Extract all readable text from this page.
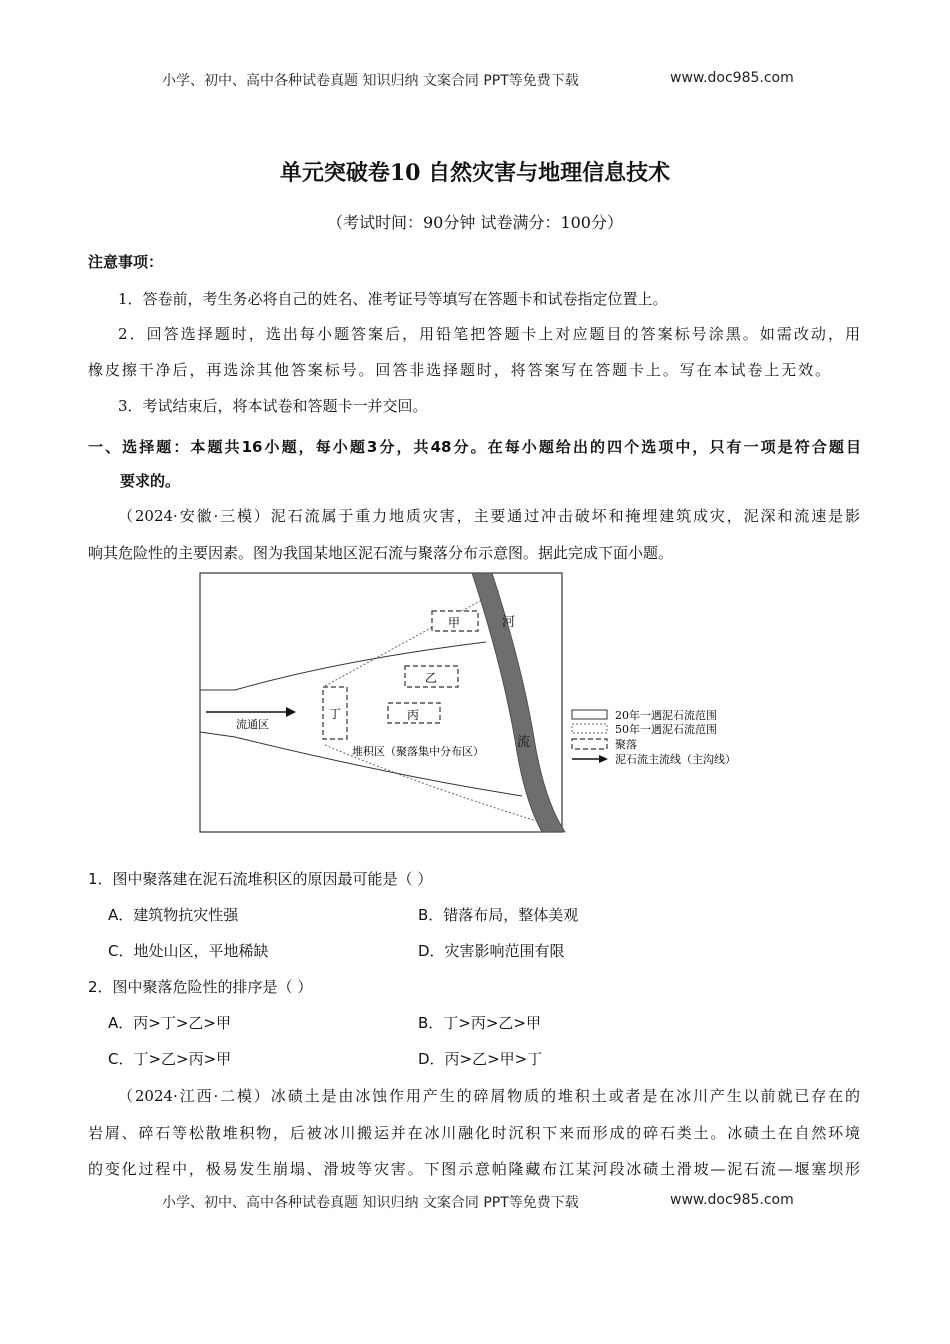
小学、初中、高中各种试卷真题 知识归纳 文案合同 PPT等免费下载	www.doc985.com
单元突破卷10 自然灾害与地理信息技术
（考试时间：90分钟 试卷满分：100分）
注意事项：
1．答卷前，考生务必将自己的姓名、准考证号等填写在答题卡和试卷指定位置上。
2．回答选择题时，选出每小题答案后，用铅笔把答题卡上对应题目的答案标号涂黑。如需改动，用
橡皮擦干净后，再选涂其他答案标号。回答非选择题时，将答案写在答题卡上。写在本试卷上无效。
3．考试结束后，将本试卷和答题卡一并交回。
一、选择题：本题共16小题，每小题3分，共48分。在每小题给出的四个选项中，只有一项是符合题目
要求的。
（2024·安徽·三模）泥石流属于重力地质灾害，主要通过冲击破坏和掩埋建筑成灾，泥深和流速是影
响其危险性的主要因素。图为我国某地区泥石流与聚落分布示意图。据此完成下面小题。
河
流
甲
乙
丙
丁
流通区
堆积区（聚落集中分布区）
20年一遇泥石流范围
50年一遇泥石流范围
聚落
泥石流主流线（主沟线）
1．图中聚落建在泥石流堆积区的原因最可能是（ ）
A．建筑物抗灾性强	B．错落布局，整体美观
C．地处山区，平地稀缺	D．灾害影响范围有限
2．图中聚落危险性的排序是（ ）
A．丙>丁>乙>甲	B．丁>丙>乙>甲
C．丁>乙>丙>甲	D．丙>乙>甲>丁
（2024·江西·二模）冰碛土是由冰蚀作用产生的碎屑物质的堆积土或者是在冰川产生以前就已存在的
岩屑、碎石等松散堆积物，后被冰川搬运并在冰川融化时沉积下来而形成的碎石类土。冰碛土在自然环境
的变化过程中，极易发生崩塌、滑坡等灾害。下图示意帕隆藏布江某河段冰碛土滑坡—泥石流—堰塞坝形
小学、初中、高中各种试卷真题 知识归纳 文案合同 PPT等免费下载	www.doc985.com
